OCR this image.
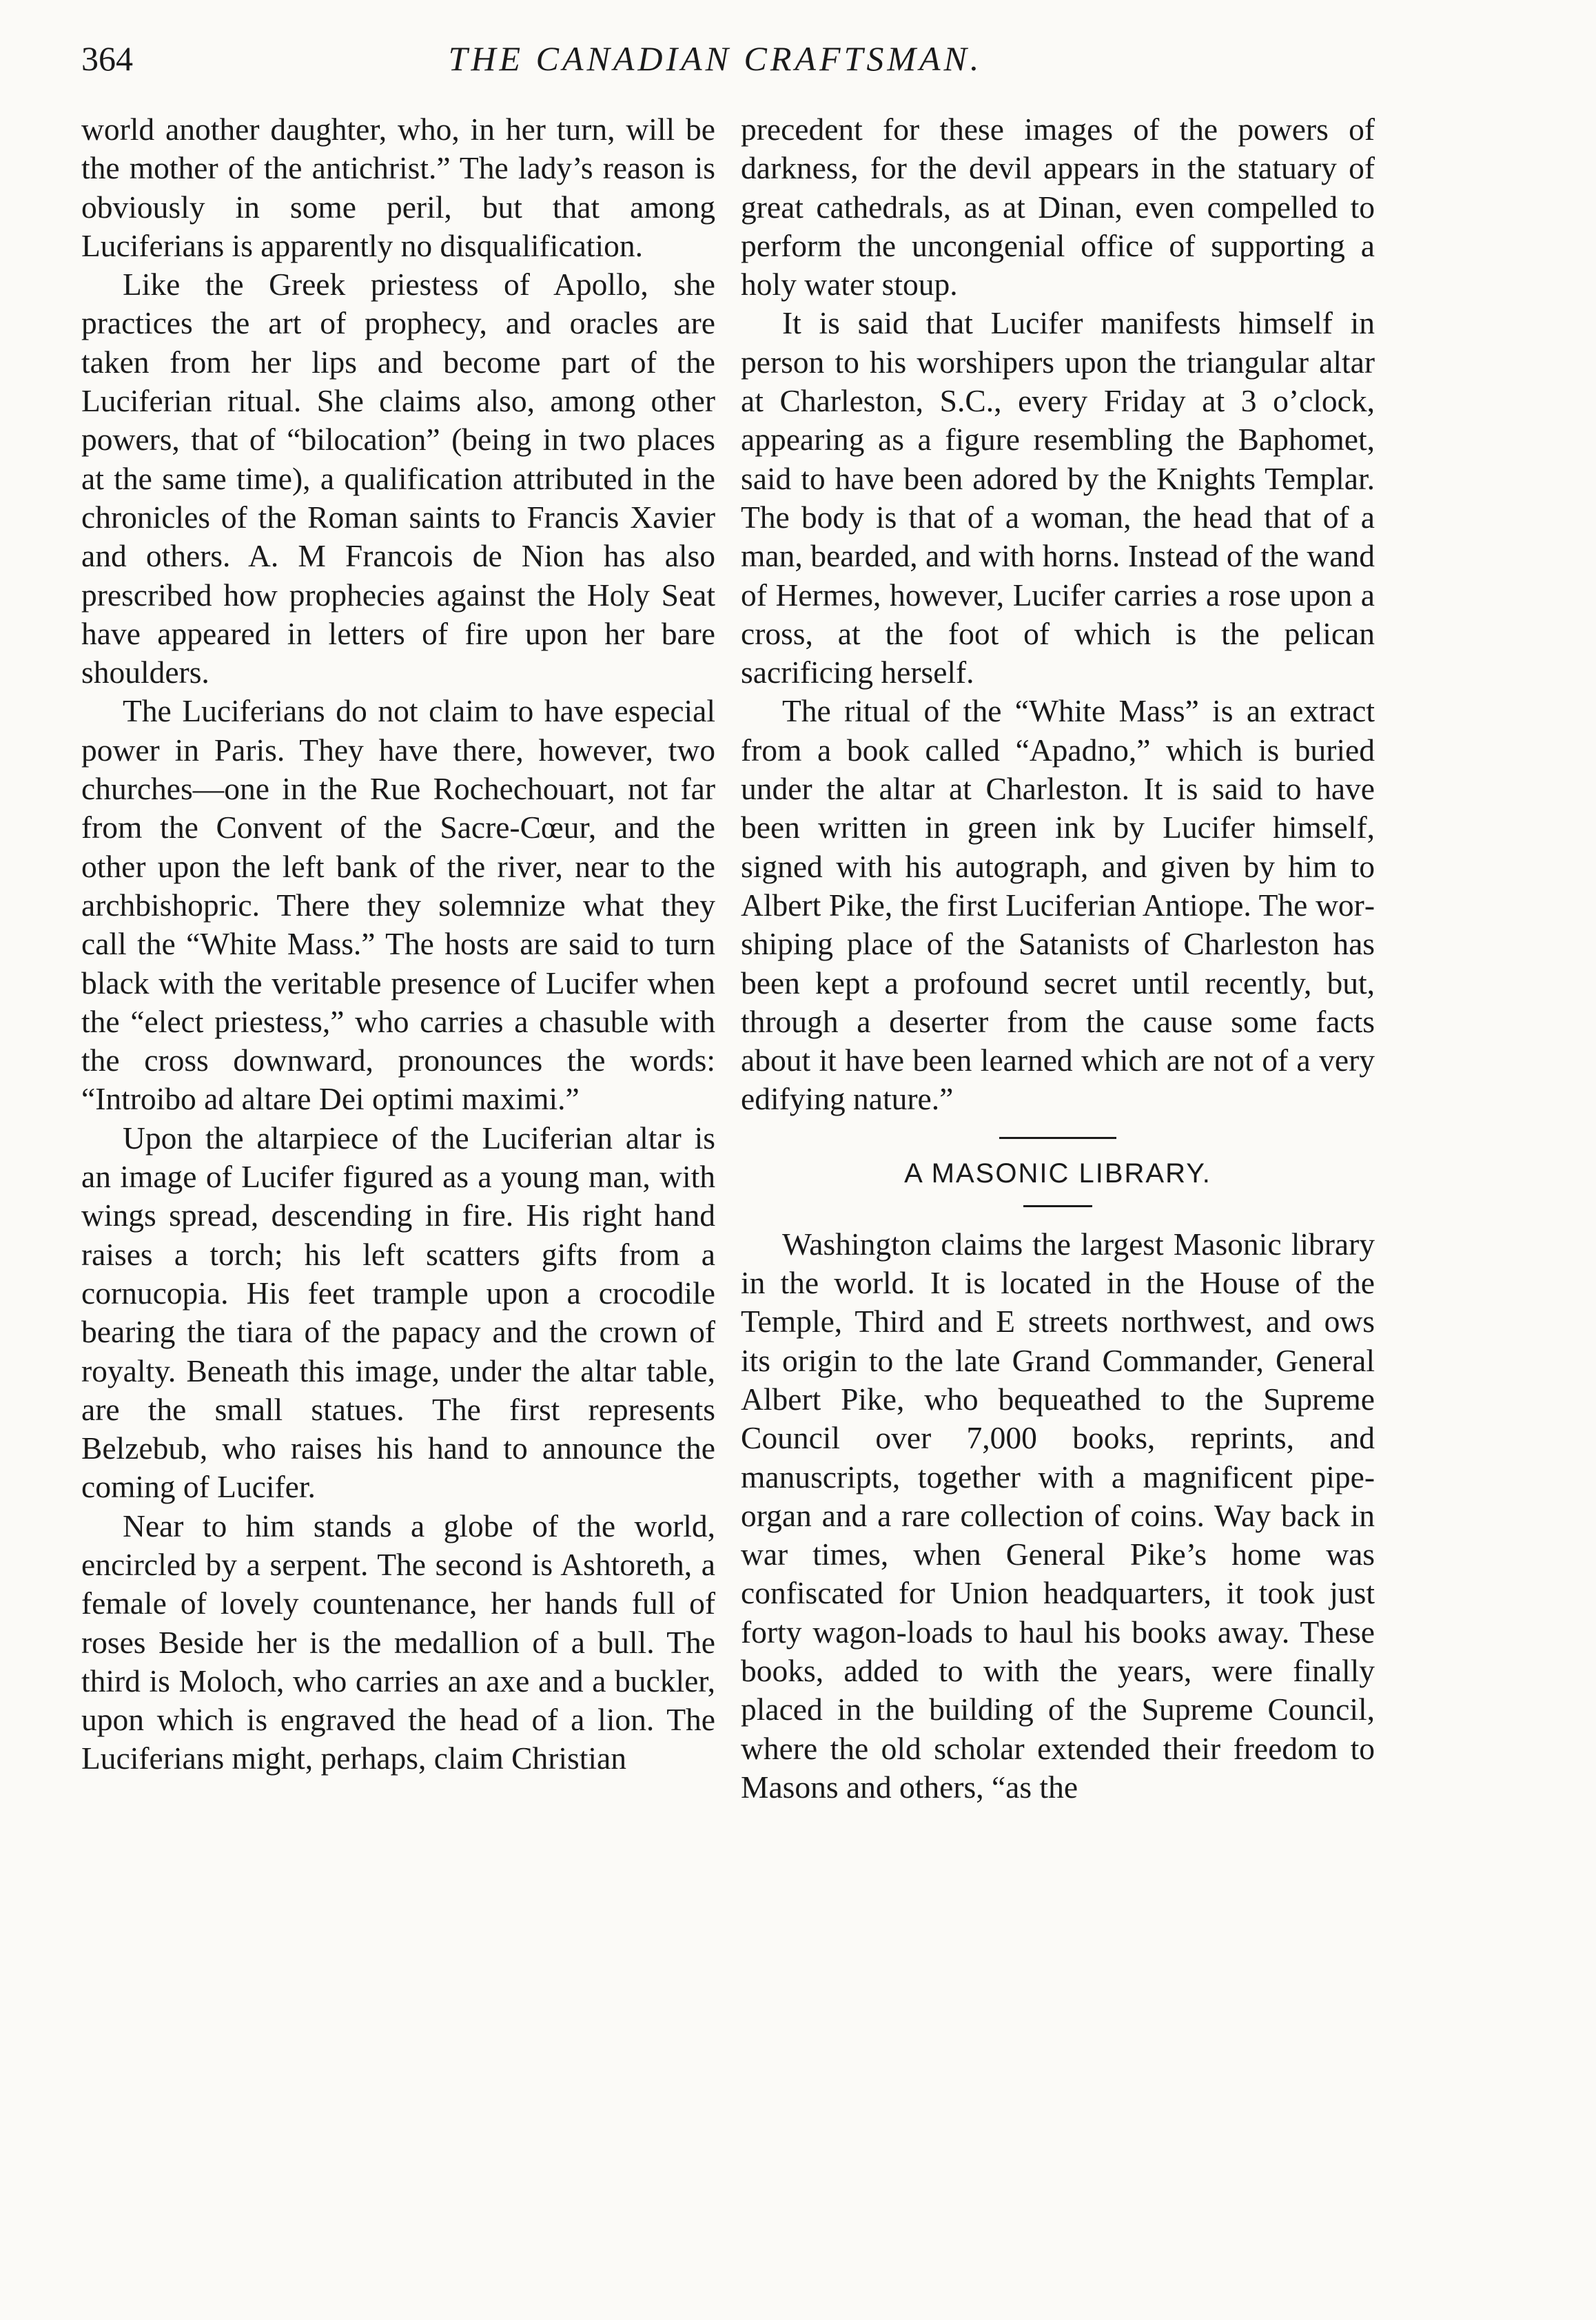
364	THE CANADIAN CRAFTSMAN.

world another daughter, who, in her turn, will be the mother of the antichrist.” The lady’s reason is obviously in some peril, but that among Luciferians is apparently no disqualification.

Like the Greek priestess of Apollo, she practices the art of prophecy, and oracles are taken from her lips and become part of the Luciferian ritual. She claims also, among other powers, that of “bilocation” (being in two places at the same time), a qualification attributed in the chronicles of the Roman saints to Francis Xavier and others. A. M Francois de Nion has also prescribed how prophecies against the Holy Seat have appeared in letters of fire upon her bare shoulders.

The Luciferians do not claim to have especial power in Paris. They have there, however, two churches—one in the Rue Rochechouart, not far from the Convent of the Sacre-Cœur, and the other upon the left bank of the river, near to the archbishopric. There they solemnize what they call the “White Mass.” The hosts are said to turn black with the veritable presence of Lucifer when the “elect priestess,” who carries a chasuble with the cross downward, pronounces the words: “Introibo ad altare Dei optimi maximi.”

Upon the altarpiece of the Luciferian altar is an image of Lucifer figured as a young man, with wings spread, descending in fire. His right hand raises a torch; his left scatters gifts from a cornucopia. His feet trample upon a crocodile bearing the tiara of the papacy and the crown of royalty. Beneath this image, under the altar table, are the small statues. The first represents Belzebub, who raises his hand to announce the coming of Lucifer.

Near to him stands a globe of the world, encircled by a serpent. The second is Ashtoreth, a female of lovely countenance, her hands full of roses Beside her is the medallion of a bull. The third is Moloch, who carries an axe and a buckler, upon which is engraved the head of a lion. The Luciferians might, perhaps, claim Christian

precedent for these images of the powers of darkness, for the devil appears in the statuary of great cathedrals, as at Dinan, even compelled to perform the uncongenial office of supporting a holy water stoup.

It is said that Lucifer manifests himself in person to his worshipers upon the triangular altar at Charleston, S.C., every Friday at 3 o’clock, appearing as a figure resembling the Baphomet, said to have been adored by the Knights Templar. The body is that of a woman, the head that of a man, bearded, and with horns. Instead of the wand of Hermes, however, Lucifer carries a rose upon a cross, at the foot of which is the pelican sacrificing herself.

The ritual of the “White Mass” is an extract from a book called “Apadno,” which is buried under the altar at Charleston. It is said to have been written in green ink by Lucifer himself, signed with his autograph, and given by him to Albert Pike, the first Luciferian Antiope. The worshiping place of the Satanists of Charleston has been kept a profound secret until recently, but, through a deserter from the cause some facts about it have been learned which are not of a very edifying nature.”

A MASONIC LIBRARY.

Washington claims the largest Masonic library in the world. It is located in the House of the Temple, Third and E streets northwest, and ows its origin to the late Grand Commander, General Albert Pike, who bequeathed to the Supreme Council over 7,000 books, reprints, and manuscripts, together with a magnificent pipe-organ and a rare collection of coins. Way back in war times, when General Pike’s home was confiscated for Union headquarters, it took just forty wagon-loads to haul his books away. These books, added to with the years, were finally placed in the building of the Supreme Council, where the old scholar extended their freedom to Masons and others, “as the
